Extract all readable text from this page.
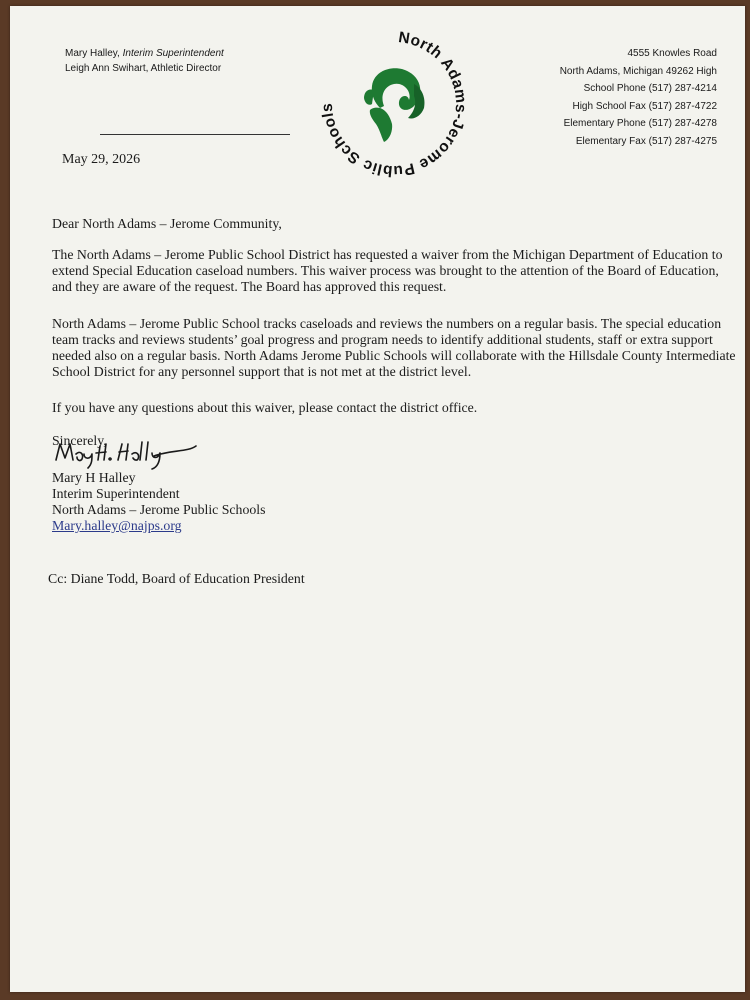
Mary Halley, Interim Superintendent
Leigh Ann Swihart, Athletic Director
North Adams-Jerome Public Schools
4555 Knowles Road
North Adams, Michigan 49262 High
School Phone (517) 287-4214
High School Fax (517) 287-4722
Elementary Phone (517) 287-4278
Elementary Fax (517) 287-4275
May 29, 2026

Dear North Adams – Jerome Community,

The North Adams – Jerome Public School District has requested a waiver from the Michigan Department of Education to extend Special Education caseload numbers. This waiver process was brought to the attention of the Board of Education, and they are aware of the request. The Board has approved this request.

North Adams – Jerome Public School tracks caseloads and reviews the numbers on a regular basis. The special education team tracks and reviews students’ goal progress and program needs to identify additional students, staff or extra support needed also on a regular basis. North Adams Jerome Public Schools will collaborate with the Hillsdale County Intermediate School District for any personnel support that is not met at the district level.

If you have any questions about this waiver, please contact the district office.

Sincerely,

Mary H Halley
Interim Superintendent
North Adams – Jerome Public Schools
Mary.halley@najps.org

Cc: Diane Todd, Board of Education President
